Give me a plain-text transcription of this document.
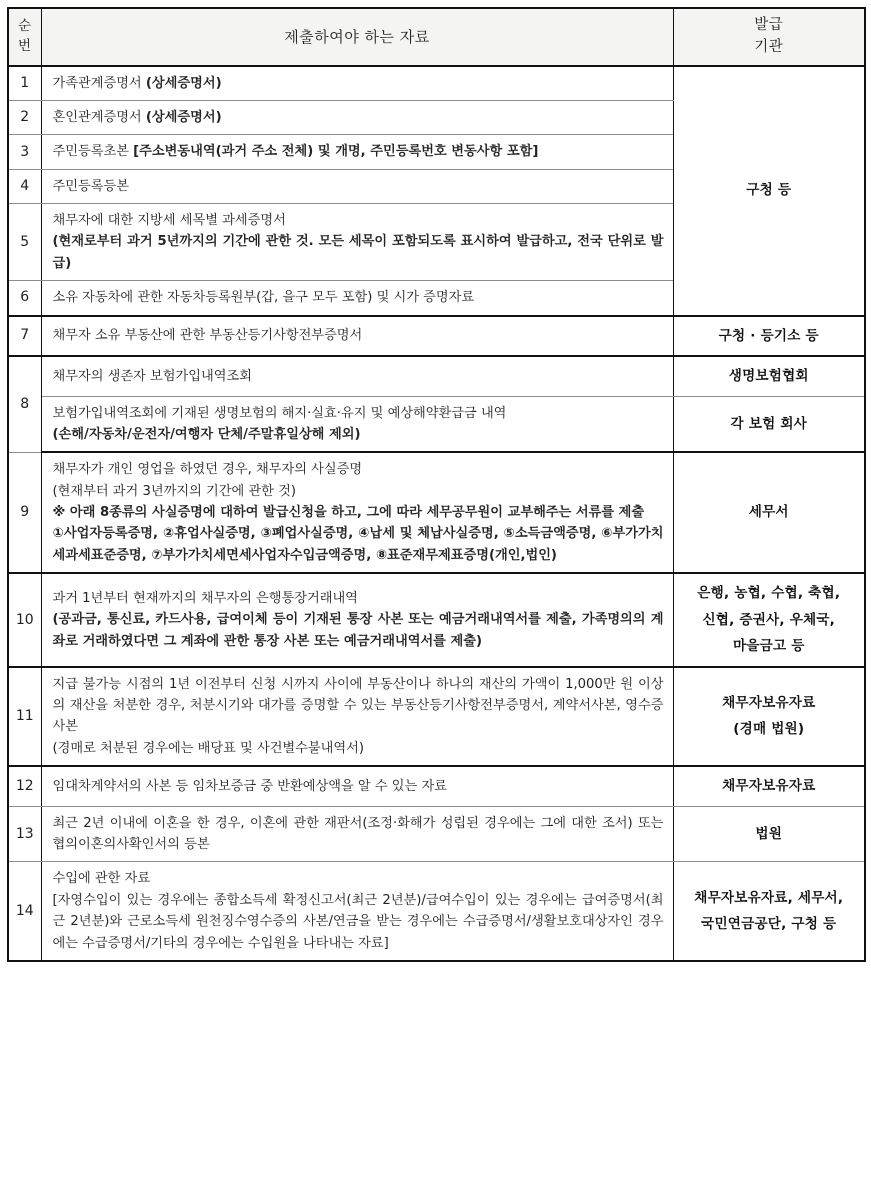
순
번	제출하여야 하는 자료	발급
기관

1	가족관계증명서 (상세증명서)	구청 등
2	혼인관계증명서 (상세증명서)	
3	주민등록초본 [주소변동내역(과거 주소 전체) 및 개명, 주민등록번호 변동사항 포함]	
4	주민등록등본	
5	채무자에 대한 지방세 세목별 과세증명서
(현재로부터 과거 5년까지의 기간에 관한 것. 모든 세목이 포함되도록 표시하여 발급하고, 전국 단위로 발급)	

6	소유 자동차에 관한 자동차등록원부(갑, 을구 모두 포함) 및 시가 증명자료	
7	채무자 소유 부동산에 관한 부동산등기사항전부증명서	구청 · 등기소 등
8	채무자의 생존자 보험가입내역조회	생명보험협회

	보험가입내역조회에 기재된 생명보험의 해지·실효·유지 및 예상해약환급금 내역
(손해/자동차/운전자/여행자 단체/주말휴일상해 제외)	각 보험 회사
9	채무자가 개인 영업을 하였던 경우, 채무자의 사실증명
(현재부터 과거 3년까지의 기간에 관한 것)
※ 아래 8종류의 사실증명에 대하여 발급신청을 하고, 그에 따라 세무공무원이 교부해주는 서류를 제출
①사업자등록증명, ②휴업사실증명, ③폐업사실증명, ④납세 및 체납사실증명, ⑤소득금액증명, ⑥부가가치세과세표준증명, ⑦부가가치세면세사업자수입금액증명, ⑧표준재무제표증명(개인,법인)	세무서
10	과거 1년부터 현재까지의 채무자의 은행통장거래내역
(공과금, 통신료, 카드사용, 급여이체 등이 기재된 통장 사본 또는 예금거래내역서를 제출, 가족명의의 계좌로 거래하였다면 그 계좌에 관한 통장 사본 또는 예금거래내역서를 제출)	은행, 농협, 수협, 축협,
신협, 증권사, 우체국,
마을금고 등

11	지급 불가능 시점의 1년 이전부터 신청 시까지 사이에 부동산이나 하나의 재산의 가액이 1,000만 원 이상의 재산을 처분한 경우, 처분시기와 대가를 증명할 수 있는 부동산등기사항전부증명서, 계약서사본, 영수증사본
(경매로 처분된 경우에는 배당표 및 사건별수불내역서)	채무자보유자료
(경매 법원)

12	임대차계약서의 사본 등 임차보증금 중 반환예상액을 알 수 있는 자료	채무자보유자료
13	최근 2년 이내에 이혼을 한 경우, 이혼에 관한 재판서(조정·화해가 성립된 경우에는 그에 대한 조서) 또는 협의이혼의사확인서의 등본	법원
14	수입에 관한 자료
[자영수입이 있는 경우에는 종합소득세 확정신고서(최근 2년분)/급여수입이 있는 경우에는 급여증명서(최근 2년분)와 근로소득세 원천징수영수증의 사본/연금을 받는 경우에는 수급증명서/생활보호대상자인 경우에는 수급증명서/기타의 경우에는 수입원을 나타내는 자료]	채무자보유자료, 세무서,
국민연금공단, 구청 등
